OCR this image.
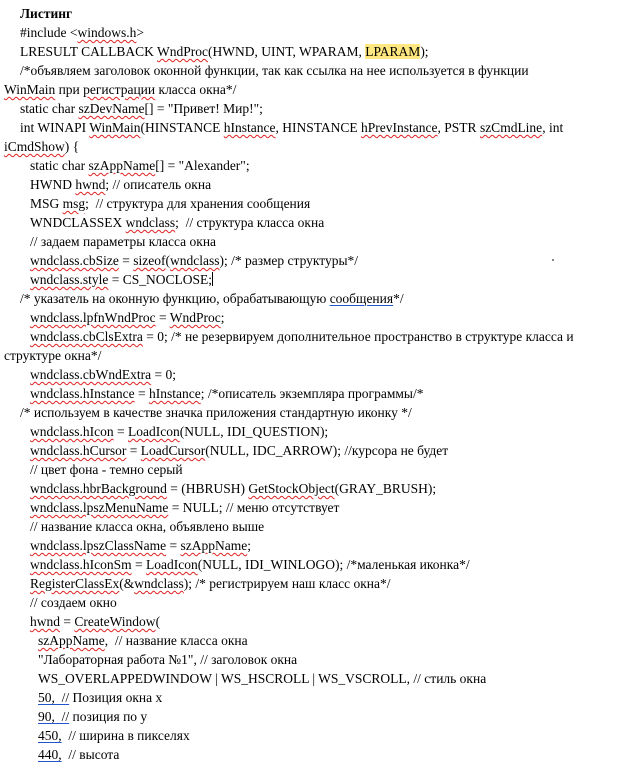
Листинг
#include <windows.h>
LRESULT CALLBACK WndProc(HWND, UINT, WPARAM, LPARAM);
/*объявляем заголовок оконной функции, так как ссылка на нее используется в функции
WinMain при регистрации класса окна*/
static char szDevName[] = "Привет! Мир!";
int WINAPI WinMain(HINSTANCE hInstance, HINSTANCE hPrevInstance, PSTR szCmdLine, int
iCmdShow) {
static char szAppName[] = "Alexander";
HWND hwnd; // описатель окна
MSG msg;  // структура для хранения сообщения
WNDCLASSEX wndclass;  // структура класса окна
// задаем параметры класса окна
wndclass.cbSize = sizeof(wndclass); /* размер структуры*/
wndclass.style = CS_NOCLOSE;
/* указатель на оконную функцию, обрабатывающую сообщения*/
wndclass.lpfnWndProc = WndProc;
wndclass.cbClsExtra = 0; /* не резервируем дополнительное пространство в структуре класса и
структуре окна*/
wndclass.cbWndExtra = 0;
wndclass.hInstance = hInstance; /*описатель экземпляра программы/*
/* используем в качестве значка приложения стандартную иконку */
wndclass.hIcon = LoadIcon(NULL, IDI_QUESTION);
wndclass.hCursor = LoadCursor(NULL, IDC_ARROW); //курсора не будет
// цвет фона - темно серый
wndclass.hbrBackground = (HBRUSH) GetStockObject(GRAY_BRUSH);
wndclass.lpszMenuName = NULL; // меню отсутствует
// название класса окна, объявлено выше
wndclass.lpszClassName = szAppName;
wndclass.hIconSm = LoadIcon(NULL, IDI_WINLOGO); /*маленькая иконка*/
RegisterClassEx(&wndclass); /* регистрируем наш класс окна*/
// создаем окно
hwnd = CreateWindow(
szAppName,  // название класса окна
"Лабораторная работа №1", // заголовок окна
WS_OVERLAPPEDWINDOW | WS_HSCROLL | WS_VSCROLL, // стиль окна
50,  // Позиция окна x
90,  // позиция по y
450,  // ширина в пикселях
440,  // высота
